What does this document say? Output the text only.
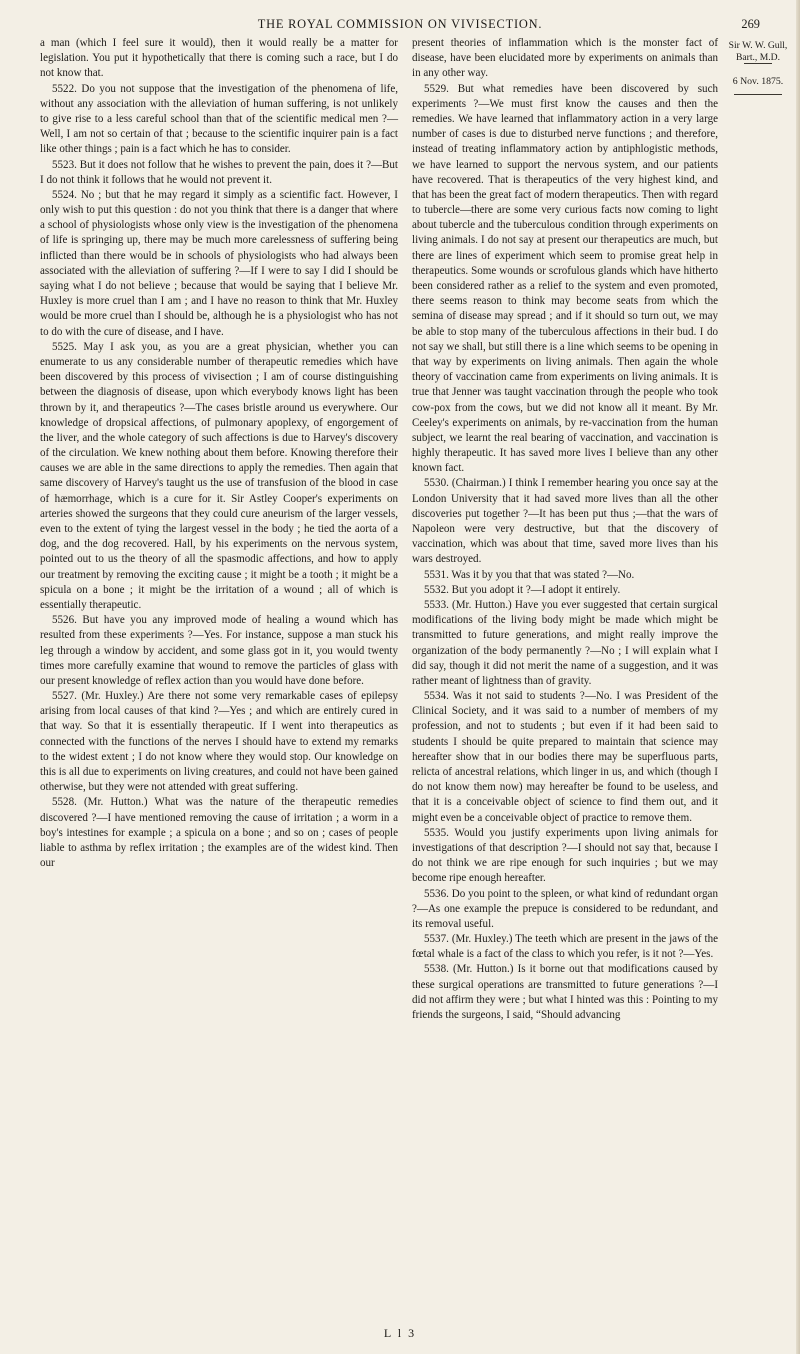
THE ROYAL COMMISSION ON VIVISECTION.	269

a man (which I feel sure it would), then it would really be a matter for legislation. You put it hypothetically that there is coming such a race, but I do not know that.

5522. Do you not suppose that the investigation of the phenomena of life, without any association with the alleviation of human suffering, is not unlikely to give rise to a less careful school than that of the scientific medical men ?—Well, I am not so certain of that ; because to the scientific inquirer pain is a fact like other things ; pain is a fact which he has to consider.

5523. But it does not follow that he wishes to prevent the pain, does it ?—But I do not think it follows that he would not prevent it.

5524. No ; but that he may regard it simply as a scientific fact. However, I only wish to put this question : do not you think that there is a danger that where a school of physiologists whose only view is the investigation of the phenomena of life is springing up, there may be much more carelessness of suffering being inflicted than there would be in schools of physiologists who had always been associated with the alleviation of suffering ?—If I were to say I did I should be saying what I do not believe ; because that would be saying that I believe Mr. Huxley is more cruel than I am ; and I have no reason to think that Mr. Huxley would be more cruel than I should be, although he is a physiologist who has not to do with the cure of disease, and I have.

5525. May I ask you, as you are a great physician, whether you can enumerate to us any considerable number of therapeutic remedies which have been discovered by this process of vivisection ; I am of course distinguishing between the diagnosis of disease, upon which everybody knows light has been thrown by it, and therapeutics ?—The cases bristle around us everywhere. Our knowledge of dropsical affections, of pulmonary apoplexy, of engorgement of the liver, and the whole category of such affections is due to Harvey's discovery of the circulation. We knew nothing about them before. Knowing therefore their causes we are able in the same directions to apply the remedies. Then again that same discovery of Harvey's taught us the use of transfusion of the blood in case of hæmorrhage, which is a cure for it. Sir Astley Cooper's experiments on arteries showed the surgeons that they could cure aneurism of the larger vessels, even to the extent of tying the largest vessel in the body ; he tied the aorta of a dog, and the dog recovered. Hall, by his experiments on the nervous system, pointed out to us the theory of all the spasmodic affections, and how to apply our treatment by removing the exciting cause ; it might be a tooth ; it might be a spicula on a bone ; it might be the irritation of a wound ; all of which is essentially therapeutic.

5526. But have you any improved mode of healing a wound which has resulted from these experiments ?—Yes. For instance, suppose a man stuck his leg through a window by accident, and some glass got in it, you would twenty times more carefully examine that wound to remove the particles of glass with our present knowledge of reflex action than you would have done before.

5527. (Mr. Huxley.) Are there not some very remarkable cases of epilepsy arising from local causes of that kind ?—Yes ; and which are entirely cured in that way. So that it is essentially therapeutic. If I went into therapeutics as connected with the functions of the nerves I should have to extend my remarks to the widest extent ; I do not know where they would stop. Our knowledge on this is all due to experiments on living creatures, and could not have been gained otherwise, but they were not attended with great suffering.

5528. (Mr. Hutton.) What was the nature of the therapeutic remedies discovered ?—I have mentioned removing the cause of irritation ; a worm in a boy's intestines for example ; a spicula on a bone ; and so on ; cases of people liable to asthma by reflex irritation ; the examples are of the widest kind. Then our

present theories of inflammation which is the monster fact of disease, have been elucidated more by experiments on animals than in any other way.

5529. But what remedies have been discovered by such experiments ?—We must first know the causes and then the remedies. We have learned that inflammatory action in a very large number of cases is due to disturbed nerve functions ; and therefore, instead of treating inflammatory action by antiphlogistic methods, we have learned to support the nervous system, and our patients have recovered. That is therapeutics of the very highest kind, and that has been the great fact of modern therapeutics. Then with regard to tubercle—there are some very curious facts now coming to light about tubercle and the tuberculous condition through experiments on living animals. I do not say at present our therapeutics are much, but there are lines of experiment which seem to promise great help in therapeutics. Some wounds or scrofulous glands which have hitherto been considered rather as a relief to the system and even promoted, there seems reason to think may become seats from which the semina of disease may spread ; and if it should so turn out, we may be able to stop many of the tuberculous affections in their bud. I do not say we shall, but still there is a line which seems to be opening in that way by experiments on living animals. Then again the whole theory of vaccination came from experiments on living animals. It is true that Jenner was taught vaccination through the people who took cow-pox from the cows, but we did not know all it meant. By Mr. Ceeley's experiments on animals, by re-vaccination from the human subject, we learnt the real bearing of vaccination, and vaccination is highly therapeutic. It has saved more lives I believe than any other known fact.

5530. (Chairman.) I think I remember hearing you once say at the London University that it had saved more lives than all the other discoveries put together ?—It has been put thus ;—that the wars of Napoleon were very destructive, but that the discovery of vaccination, which was about that time, saved more lives than his wars destroyed.

5531. Was it by you that that was stated ?—No.

5532. But you adopt it ?—I adopt it entirely.

5533. (Mr. Hutton.) Have you ever suggested that certain surgical modifications of the living body might be made which might be transmitted to future generations, and might really improve the organization of the body permanently ?—No ; I will explain what I did say, though it did not merit the name of a suggestion, and it was rather meant of lightness than of gravity.

5534. Was it not said to students ?—No. I was President of the Clinical Society, and it was said to a number of members of my profession, and not to students ; but even if it had been said to students I should be quite prepared to maintain that science may hereafter show that in our bodies there may be superfluous parts, relicta of ancestral relations, which linger in us, and which (though I do not know them now) may hereafter be found to be useless, and that it is a conceivable object of science to find them out, and it might even be a conceivable object of practice to remove them.

5535. Would you justify experiments upon living animals for investigations of that description ?—I should not say that, because I do not think we are ripe enough for such inquiries ; but we may become ripe enough hereafter.

5536. Do you point to the spleen, or what kind of redundant organ ?—As one example the prepuce is considered to be redundant, and its removal useful.

5537. (Mr. Huxley.) The teeth which are present in the jaws of the fœtal whale is a fact of the class to which you refer, is it not ?—Yes.

5538. (Mr. Hutton.) Is it borne out that modifications caused by these surgical operations are transmitted to future generations ?—I did not affirm they were ; but what I hinted was this : Pointing to my friends the surgeons, I said, “Should advancing

Sir W. W. Gull, Bart., M.D.
6 Nov. 1875.
L l 3
